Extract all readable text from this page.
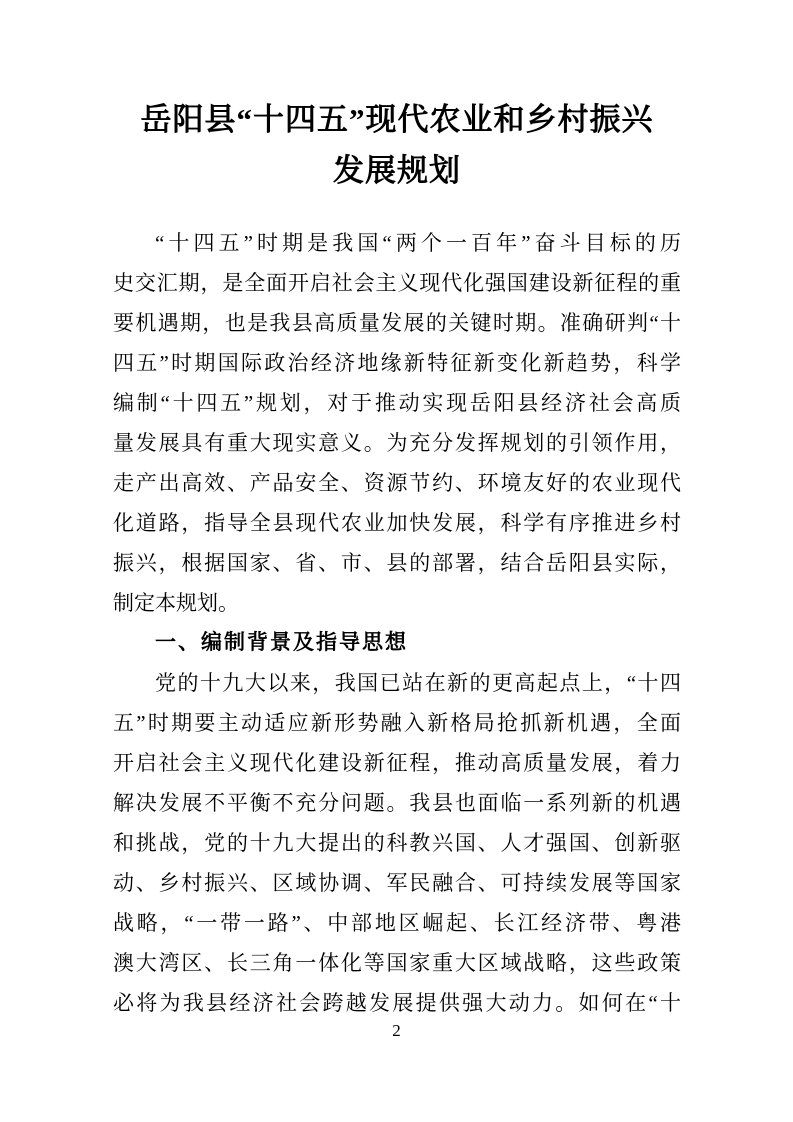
岳阳县“十四五”现代农业和乡村振兴
发展规划
“十四五”时期是我国“两个一百年”奋斗目标的历
史交汇期，是全面开启社会主义现代化强国建设新征程的重
要机遇期，也是我县高质量发展的关键时期。准确研判“十
四五”时期国际政治经济地缘新特征新变化新趋势，科学
编制“十四五”规划，对于推动实现岳阳县经济社会高质
量发展具有重大现实意义。为充分发挥规划的引领作用，
走产出高效、产品安全、资源节约、环境友好的农业现代
化道路，指导全县现代农业加快发展，科学有序推进乡村
振兴，根据国家、省、市、县的部署，结合岳阳县实际，
制定本规划。
一、编制背景及指导思想
党的十九大以来，我国已站在新的更高起点上，“十四
五”时期要主动适应新形势融入新格局抢抓新机遇，全面
开启社会主义现代化建设新征程，推动高质量发展，着力
解决发展不平衡不充分问题。我县也面临一系列新的机遇
和挑战，党的十九大提出的科教兴国、人才强国、创新驱
动、乡村振兴、区域协调、军民融合、可持续发展等国家
战略，“一带一路”、中部地区崛起、长江经济带、粤港
澳大湾区、长三角一体化等国家重大区域战略，这些政策
必将为我县经济社会跨越发展提供强大动力。如何在“十
2
